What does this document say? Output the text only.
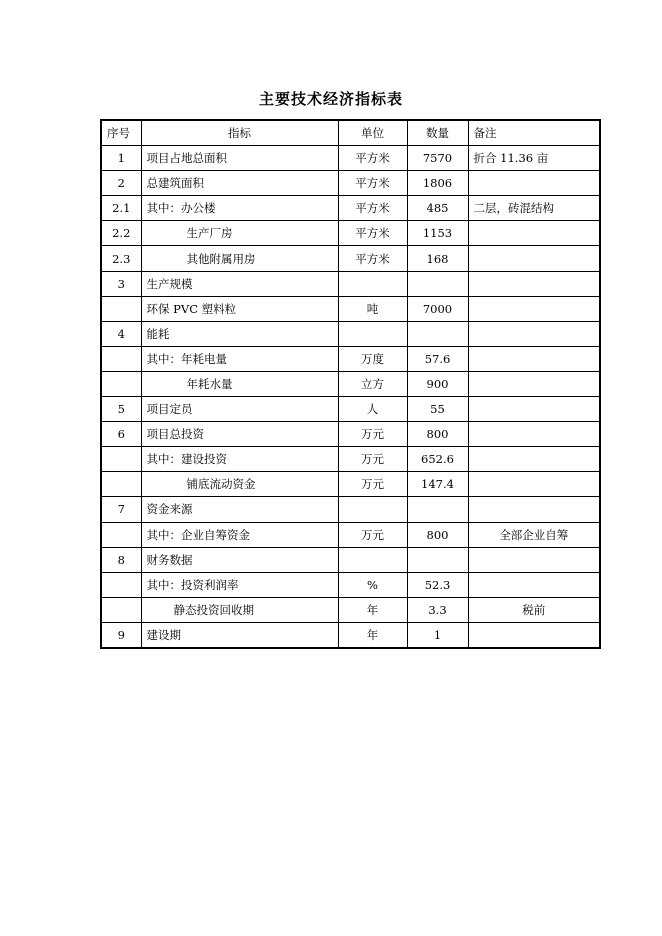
主要技术经济指标表
序号	指标	单位	数量	备注
1	项目占地总面积	平方米	7570	折合 11.36 亩
2	总建筑面积	平方米	1806	
2.1	其中：办公楼	平方米	485	二层，砖混结构
2.2	生产厂房	平方米	1153	
2.3	其他附属用房	平方米	168	
3	生产规模			
	环保 PVC 塑料粒	吨	7000	
4	能耗			
	其中：年耗电量	万度	57.6	
	年耗水量	立方	900	
5	项目定员	人	55	
6	项目总投资	万元	800	
	其中：建设投资	万元	652.6	
	铺底流动资金	万元	147.4	
7	资金来源			
	其中：企业自筹资金	万元	800	全部企业自筹
8	财务数据			
	其中：投资利润率	%	52.3	
	静态投资回收期	年	3.3	税前
9	建设期	年	1	
